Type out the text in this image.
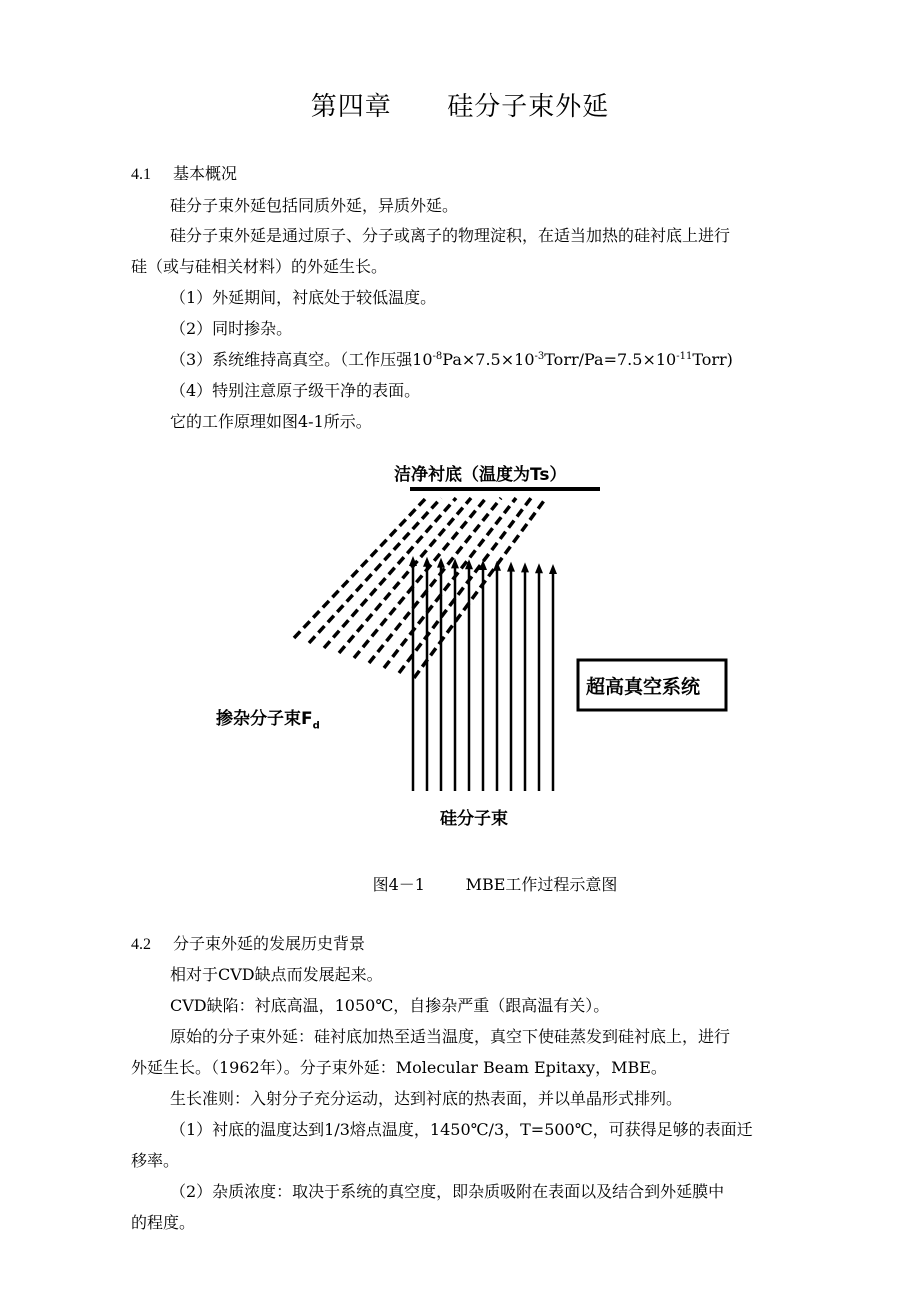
第四章      硅分子束外延
4.1 基本概况
硅分子束外延包括同质外延，异质外延。
硅分子束外延是通过原子、分子或离子的物理淀积，在适当加热的硅衬底上进行
硅（或与硅相关材料）的外延生长。
（1）外延期间，衬底处于较低温度。
（2）同时掺杂。
（3）系统维持高真空。（工作压强$10^{-8}Pa\times 7.5\times 10^{-3}Torr/Pa=7.5\times 10^{-11}Torr$)
（4）特别注意原子级干净的表面。
它的工作原理如图4-1所示。
洁净衬底（温度为Ts）
掺杂分子束$F_d$
超高真空系统
硅分子束
图4－1        MBE工作过程示意图
4.2 分子束外延的发展历史背景
相对于CVD缺点而发展起来。
CVD缺陷：衬底高温，1050℃，自掺杂严重（跟高温有关）。
原始的分子束外延：硅衬底加热至适当温度，真空下使硅蒸发到硅衬底上，进行
外延生长。（1962年）。分子束外延：Molecular Beam Epitaxy，MBE。
生长准则：入射分子充分运动，达到衬底的热表面，并以单晶形式排列。
（1）衬底的温度达到1/3熔点温度，1450℃/3，T=500℃，可获得足够的表面迁
移率。
（2）杂质浓度：取决于系统的真空度，即杂质吸附在表面以及结合到外延膜中
的程度。
